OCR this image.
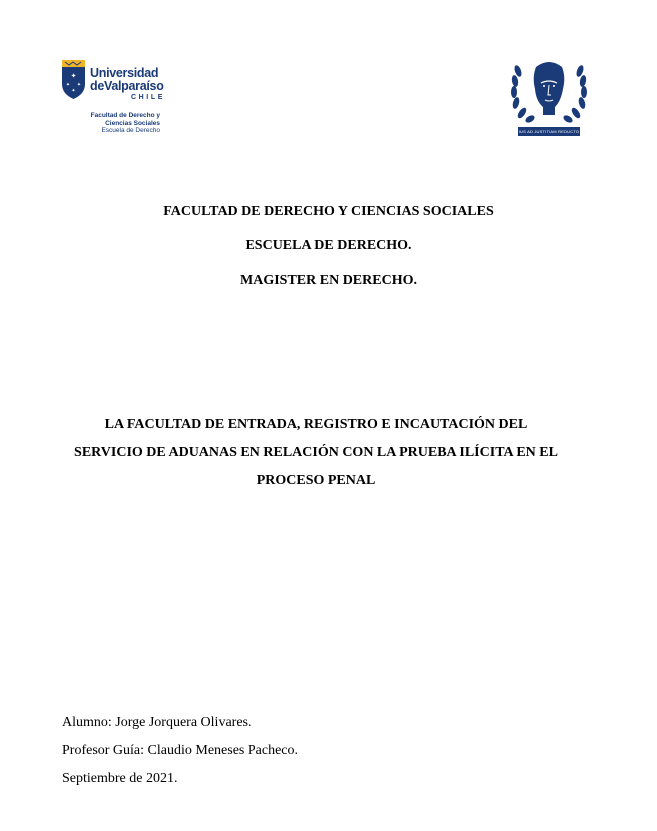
✦
✦ ✦
✦
Universidad
deValparaíso
CHILE
Facultad de Derecho y
Ciencias Sociales
Escuela de Derecho	IUS AD JUSTITIAM REDUCTO
FACULTAD DE DERECHO Y CIENCIAS SOCIALES
ESCUELA DE DERECHO.
MAGISTER EN DERECHO.
LA FACULTAD DE ENTRADA, REGISTRO E INCAUTACIÓN DEL
SERVICIO DE ADUANAS EN RELACIÓN CON LA PRUEBA ILÍCITA EN EL
PROCESO PENAL
Alumno: Jorge Jorquera Olivares.
Profesor Guía: Claudio Meneses Pacheco.
Septiembre de 2021.
